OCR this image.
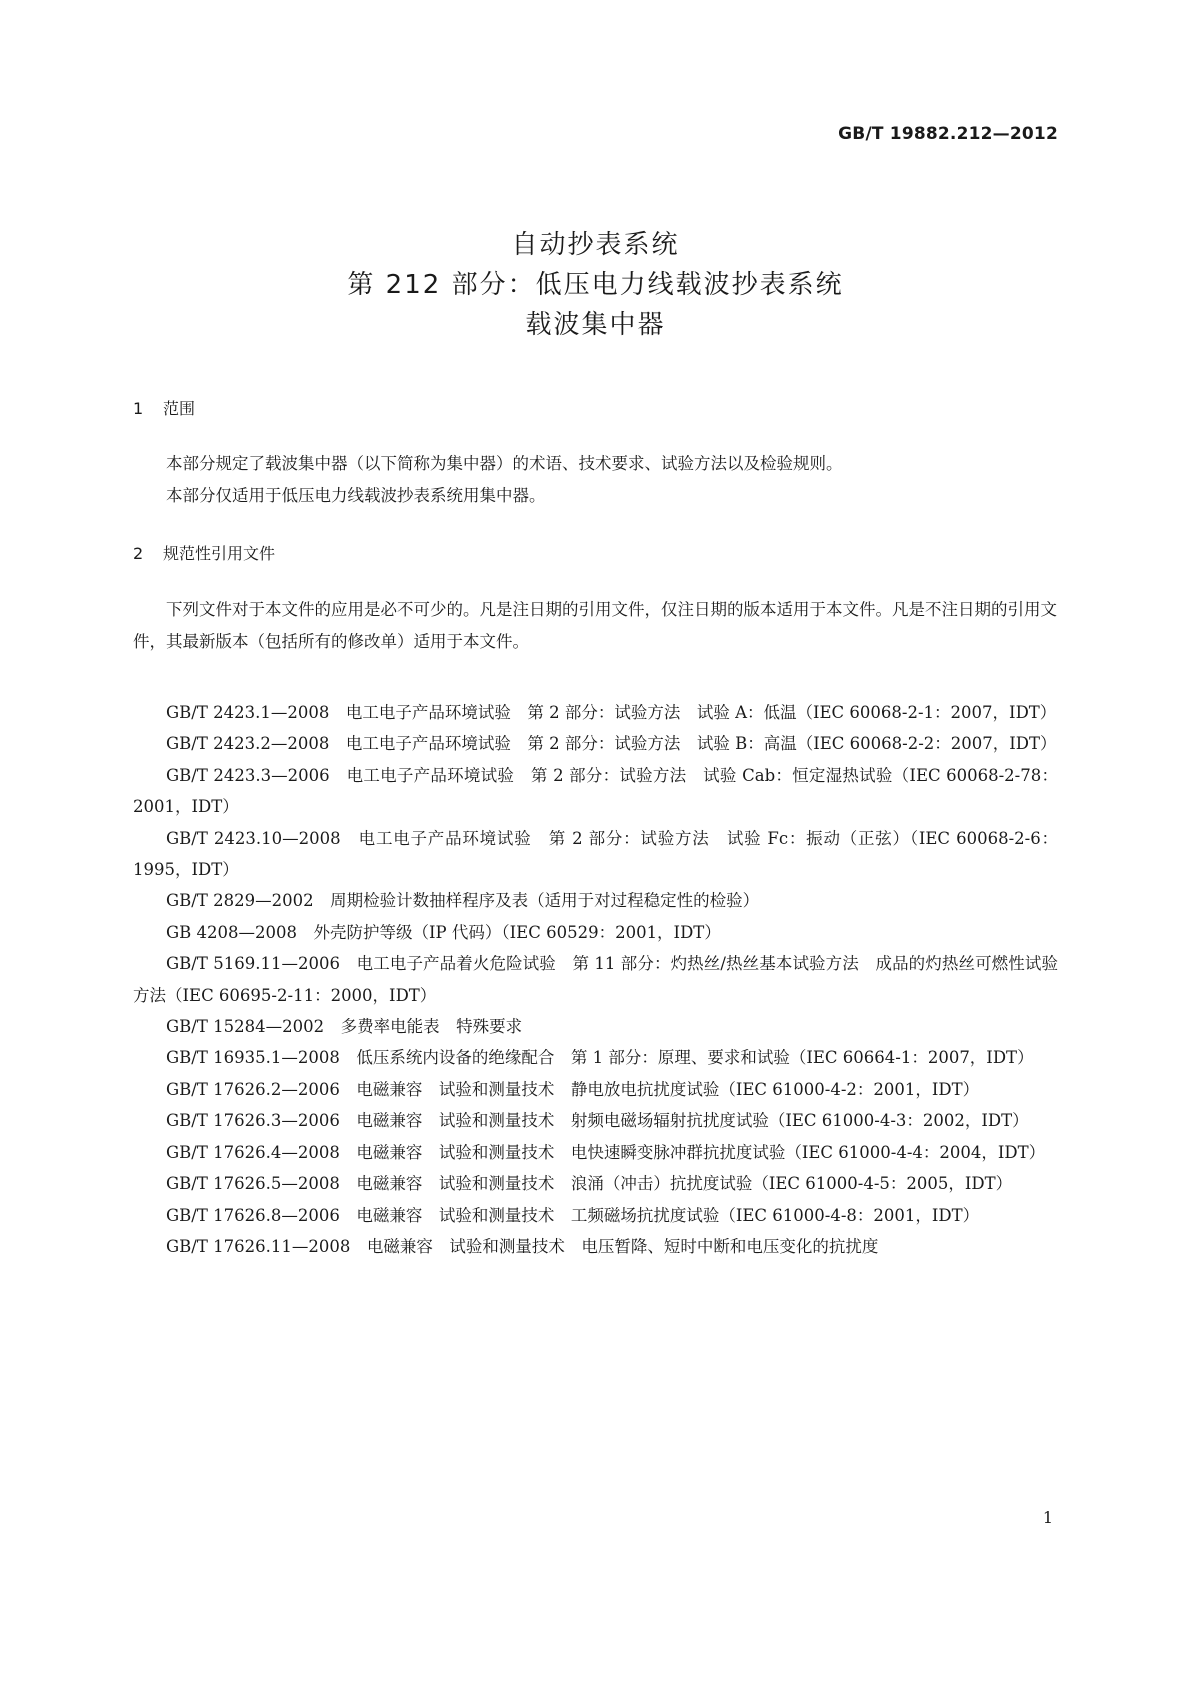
GB/T 19882.212—2012
自动抄表系统
第 212 部分：低压电力线载波抄表系统
载波集中器
1 范围

本部分规定了载波集中器（以下简称为集中器）的术语、技术要求、试验方法以及检验规则。

本部分仅适用于低压电力线载波抄表系统用集中器。

2 规范性引用文件

下列文件对于本文件的应用是必不可少的。凡是注日期的引用文件，仅注日期的版本适用于本文件。凡是不注日期的引用文件，其最新版本（包括所有的修改单）适用于本文件。

GB/T 2423.1—2008　电工电子产品环境试验　第 2 部分：试验方法　试验 A：低温（IEC 60068-2-1：2007，IDT）

GB/T 2423.2—2008　电工电子产品环境试验　第 2 部分：试验方法　试验 B：高温（IEC 60068-2-2：2007，IDT）

GB/T 2423.3—2006　电工电子产品环境试验　第 2 部分：试验方法　试验 Cab：恒定湿热试验（IEC 60068-2-78：2001，IDT）

GB/T 2423.10—2008　电工电子产品环境试验　第 2 部分：试验方法　试验 Fc：振动（正弦）（IEC 60068-2-6：1995，IDT）

GB/T 2829—2002　周期检验计数抽样程序及表（适用于对过程稳定性的检验）

GB 4208—2008　外壳防护等级（IP 代码）（IEC 60529：2001，IDT）

GB/T 5169.11—2006　电工电子产品着火危险试验　第 11 部分：灼热丝/热丝基本试验方法　成品的灼热丝可燃性试验方法（IEC 60695-2-11：2000，IDT）

GB/T 15284—2002　多费率电能表　特殊要求

GB/T 16935.1—2008　低压系统内设备的绝缘配合　第 1 部分：原理、要求和试验（IEC 60664-1：2007，IDT）

GB/T 17626.2—2006　电磁兼容　试验和测量技术　静电放电抗扰度试验（IEC 61000-4-2：2001，IDT）

GB/T 17626.3—2006　电磁兼容　试验和测量技术　射频电磁场辐射抗扰度试验（IEC 61000-4-3：2002，IDT）

GB/T 17626.4—2008　电磁兼容　试验和测量技术　电快速瞬变脉冲群抗扰度试验（IEC 61000-4-4：2004，IDT）

GB/T 17626.5—2008　电磁兼容　试验和测量技术　浪涌（冲击）抗扰度试验（IEC 61000-4-5：2005，IDT）

GB/T 17626.8—2006　电磁兼容　试验和测量技术　工频磁场抗扰度试验（IEC 61000-4-8：2001，IDT）

GB/T 17626.11—2008　电磁兼容　试验和测量技术　电压暂降、短时中断和电压变化的抗扰度

1
